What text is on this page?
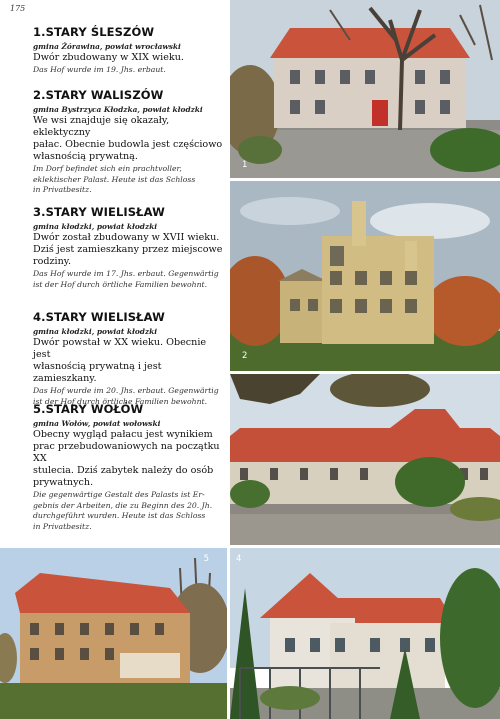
175
1.STARY ŚLESZÓW
gmina Żórawina, powiat wrocławski
Dwór zbudowany w XIX wieku.
Das Hof wurde im 19. Jhs. erbaut.
2.STARY WALISZÓW
gmina Bystrzyca Kłodzka, powiat kłodzki
We wsi znajduje się okazały, eklektyczny
pałac. Obecnie budowla jest częściowo
własnością prywatną.
Im Dorf befindet sich ein prachtvoller,
eklektischer Palast. Heute ist das Schloss
in Privatbesitz.
3.STARY WIELISŁAW
gmina kłodzki, powiat kłodzki
Dwór został zbudowany w XVII wieku.
Dziś jest zamieszkany przez miejscowe
rodziny.
Das Hof wurde im 17. Jhs. erbaut. Gegenwärtig
ist der Hof durch örtliche Familien bewohnt.
4.STARY WIELISŁAW
gmina kłodzki, powiat kłodzki
Dwór powstał w XX wieku. Obecnie jest
własnością prywatną i jest zamieszkany.
Das Hof wurde im 20. Jhs. erbaut. Gegenwärtig
ist der Hof durch örtliche Familien bewohnt.
5.STARY WOŁÓW
gmina Wołów, powiat wołowski
Obecny wygląd pałacu jest wynikiem
prac przebudowaniowych na początku XX
stulecia. Dziś zabytek należy do osób
prywatnych.
Die gegenwärtige Gestalt des Palasts ist Er-
gebnis der Arbeiten, die zu Beginn des 20. Jh.
durchgeführt wurden. Heute ist das Schloss
in Privatbesitz.
1
2
5	4
